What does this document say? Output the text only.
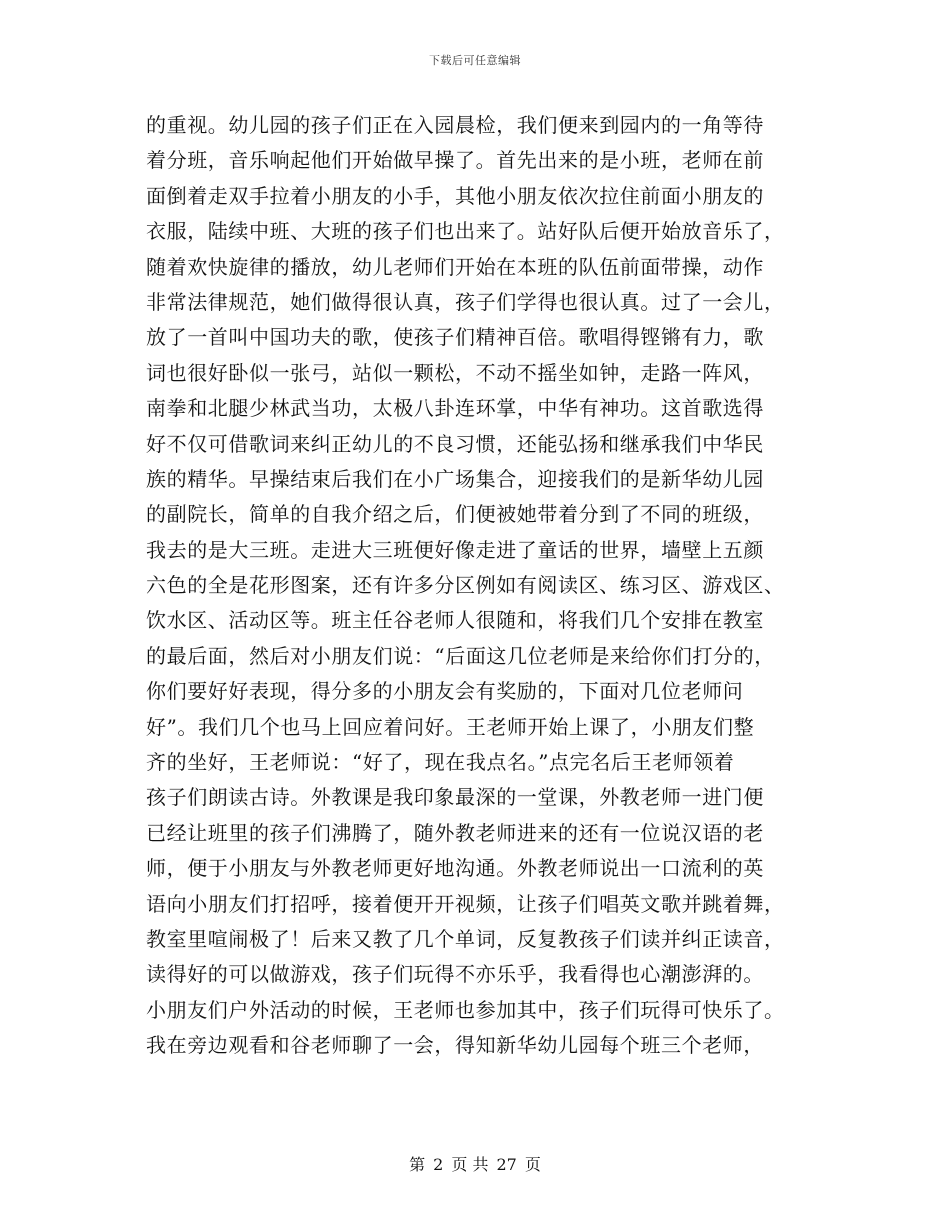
下载后可任意编辑
的重视。幼儿园的孩子们正在入园晨检，我们便来到园内的一角等待
着分班，音乐响起他们开始做早操了。首先出来的是小班，老师在前
面倒着走双手拉着小朋友的小手，其他小朋友依次拉住前面小朋友的
衣服，陆续中班、大班的孩子们也出来了。站好队后便开始放音乐了，
随着欢快旋律的播放，幼儿老师们开始在本班的队伍前面带操，动作
非常法律规范，她们做得很认真，孩子们学得也很认真。过了一会儿，
放了一首叫中国功夫的歌，使孩子们精神百倍。歌唱得铿锵有力，歌
词也很好卧似一张弓，站似一颗松，不动不摇坐如钟，走路一阵风，
南拳和北腿少林武当功，太极八卦连环掌，中华有神功。这首歌选得
好不仅可借歌词来纠正幼儿的不良习惯，还能弘扬和继承我们中华民
族的精华。早操结束后我们在小广场集合，迎接我们的是新华幼儿园
的副院长，简单的自我介绍之后，们便被她带着分到了不同的班级，
我去的是大三班。走进大三班便好像走进了童话的世界，墙壁上五颜
六色的全是花形图案，还有许多分区例如有阅读区、练习区、游戏区、
饮水区、活动区等。班主任谷老师人很随和，将我们几个安排在教室
的最后面，然后对小朋友们说：“后面这几位老师是来给你们打分的，
你们要好好表现，得分多的小朋友会有奖励的，下面对几位老师问
好”。我们几个也马上回应着问好。王老师开始上课了，小朋友们整
齐的坐好，王老师说：“好了，现在我点名。”点完名后王老师领着
孩子们朗读古诗。外教课是我印象最深的一堂课，外教老师一进门便
已经让班里的孩子们沸腾了，随外教老师进来的还有一位说汉语的老
师，便于小朋友与外教老师更好地沟通。外教老师说出一口流利的英
语向小朋友们打招呼，接着便开开视频，让孩子们唱英文歌并跳着舞，
教室里喧闹极了！后来又教了几个单词，反复教孩子们读并纠正读音，
读得好的可以做游戏，孩子们玩得不亦乐乎，我看得也心潮澎湃的。
小朋友们户外活动的时候，王老师也参加其中，孩子们玩得可快乐了。
我在旁边观看和谷老师聊了一会，得知新华幼儿园每个班三个老师，
第 2 页 共 27 页
